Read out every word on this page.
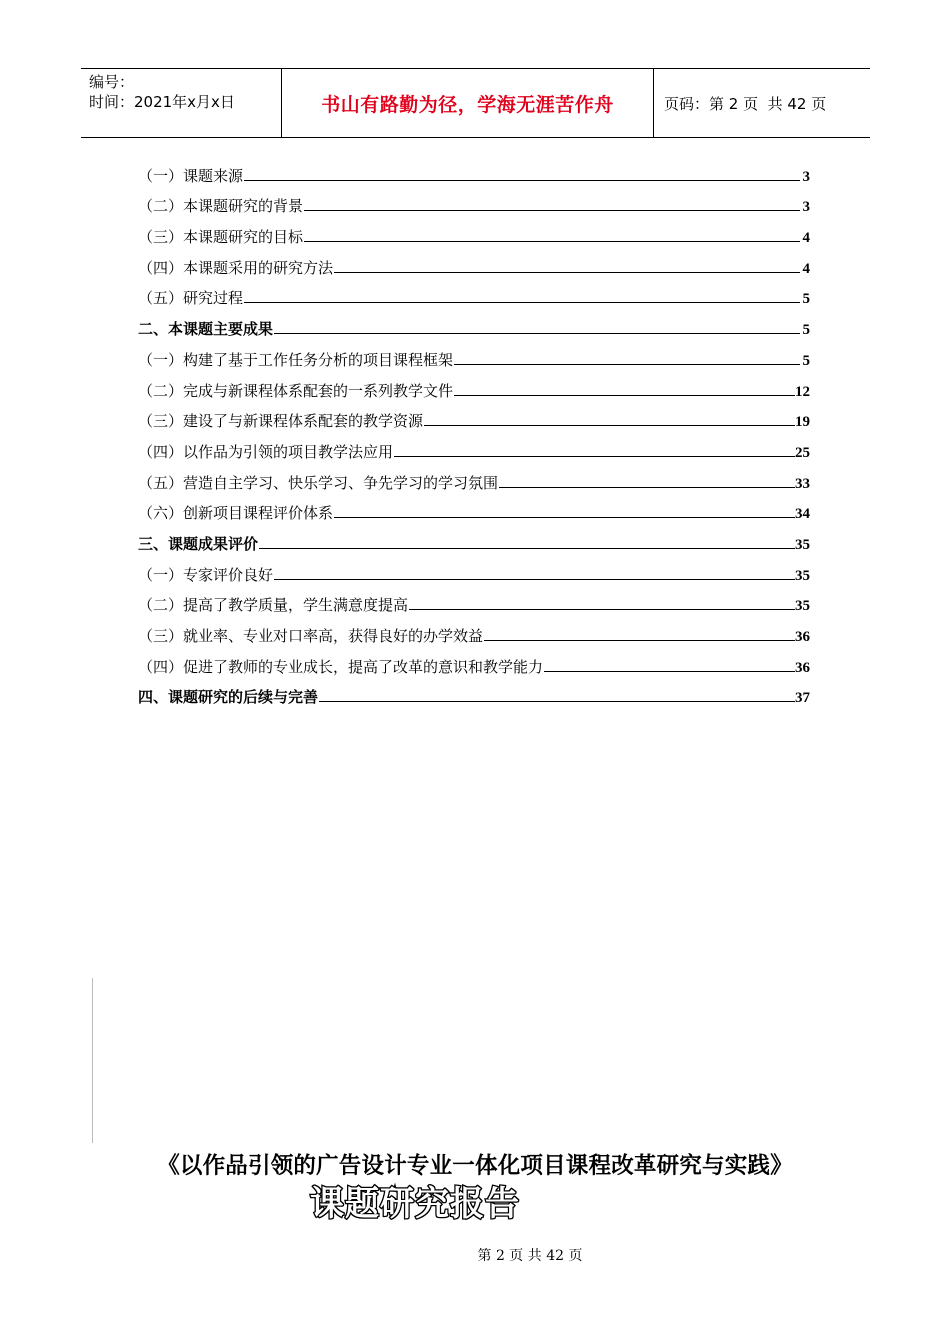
编号：
时间：2021年x月x日	书山有路勤为径，学海无涯苦作舟	页码：第 2 页  共 42 页
（一）课题来源	3
（二）本课题研究的背景	3
（三）本课题研究的目标	4
（四）本课题采用的研究方法	4
（五）研究过程	5
二、本课题主要成果	5
（一）构建了基于工作任务分析的项目课程框架	5
（二）完成与新课程体系配套的一系列教学文件	12
（三）建设了与新课程体系配套的教学资源	19
（四）以作品为引领的项目教学法应用	25
（五）营造自主学习、快乐学习、争先学习的学习氛围	33
（六）创新项目课程评价体系	34
三、课题成果评价	35
（一）专家评价良好	35
（二）提高了教学质量，学生满意度提高	35
（三）就业率、专业对口率高，获得良好的办学效益	36
（四）促进了教师的专业成长，提高了改革的意识和教学能力	36
四、课题研究的后续与完善	37
《以作品引领的广告设计专业一体化项目课程改革研究与实践》
课题研究报告
第 2 页 共 42 页
